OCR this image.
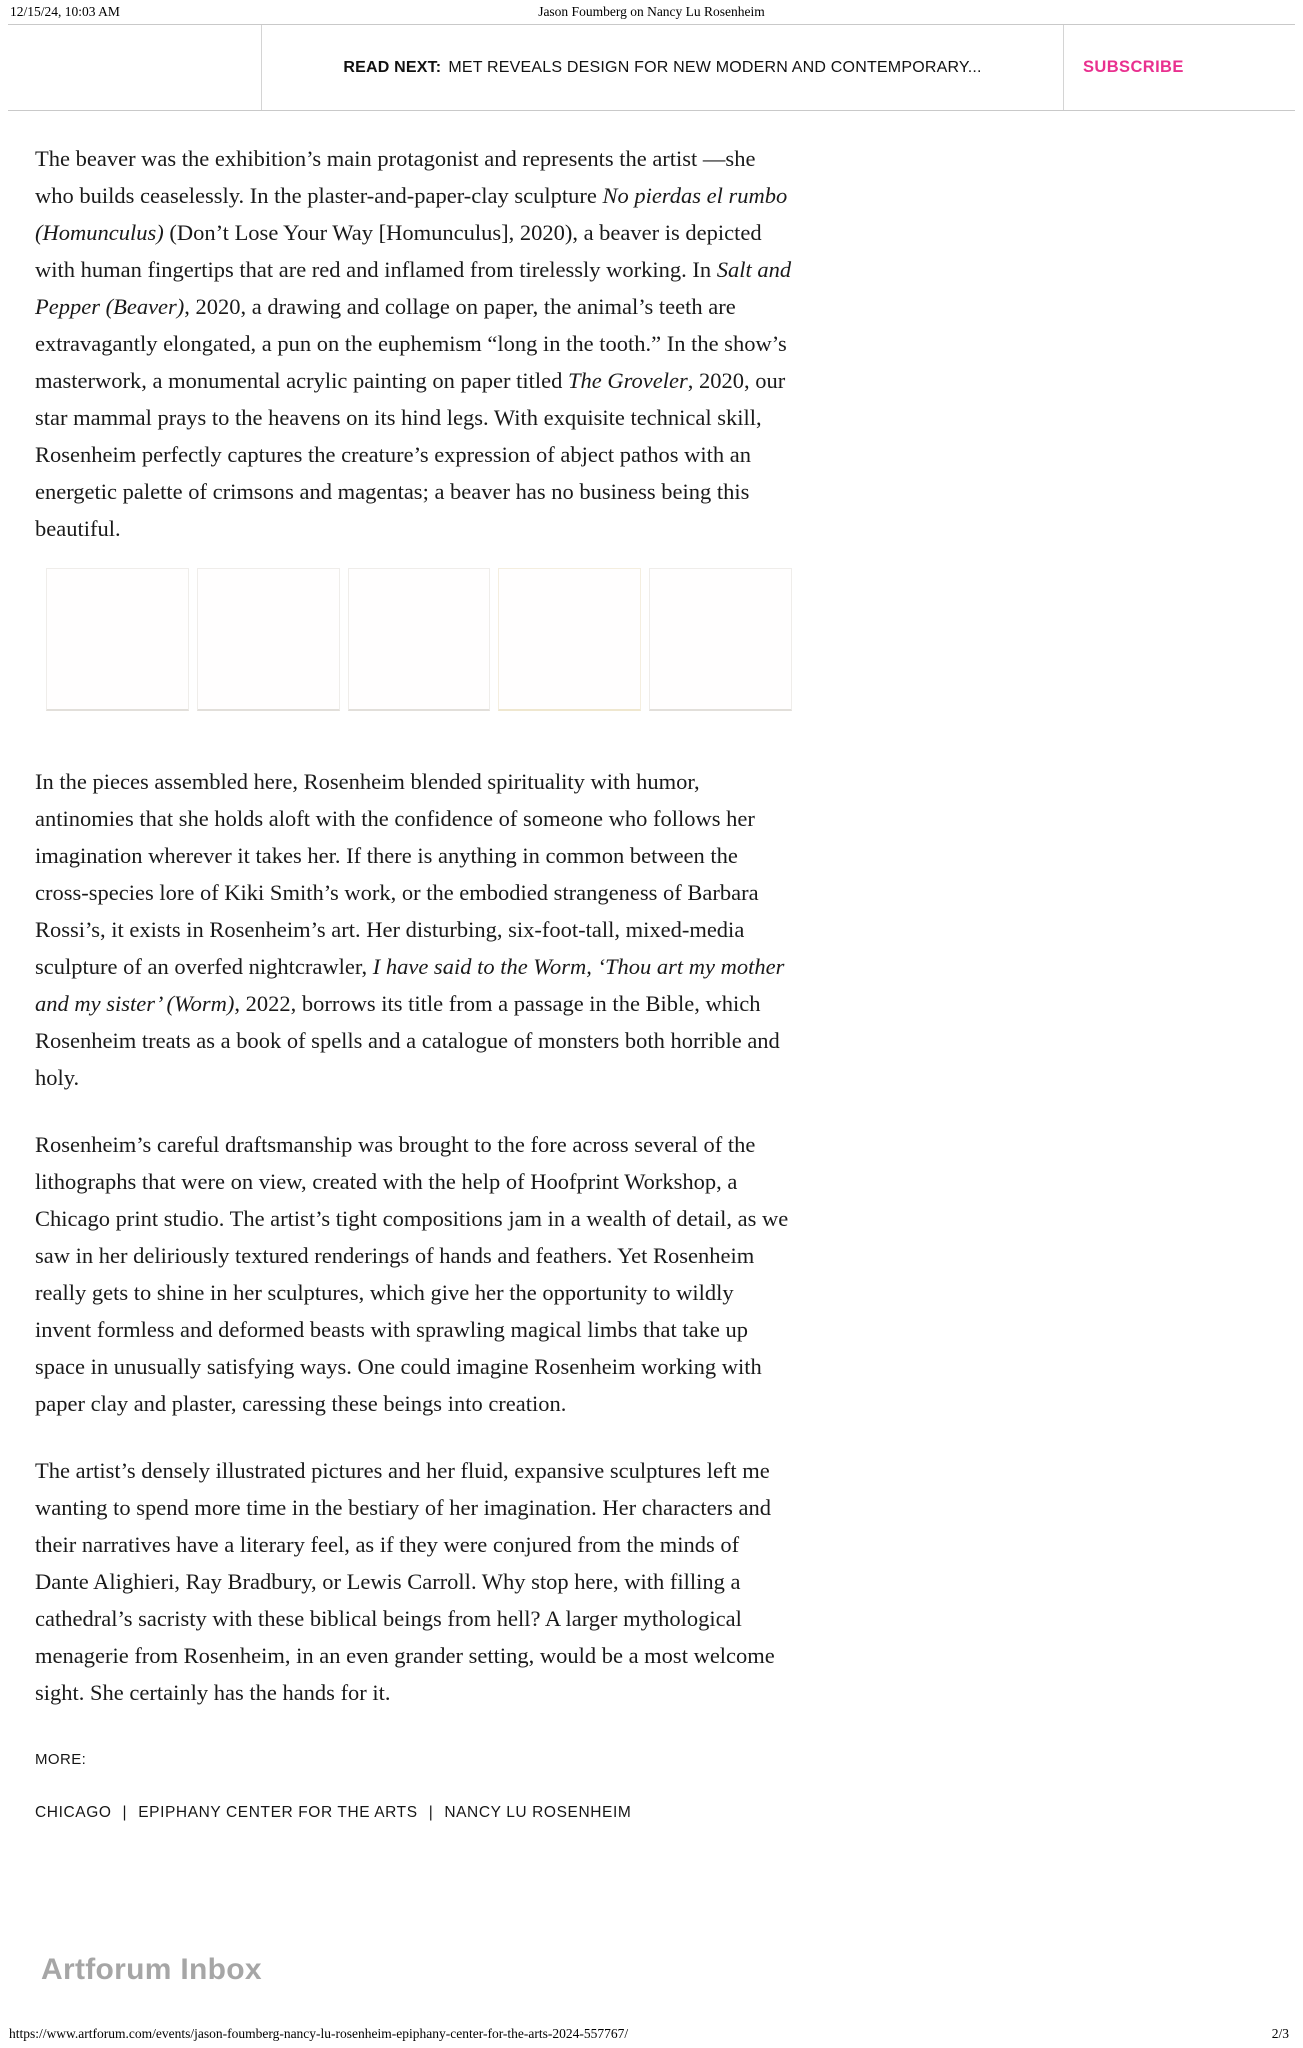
12/15/24, 10:03 AM	Jason Foumberg on Nancy Lu Rosenheim
READ NEXT: MET REVEALS DESIGN FOR NEW MODERN AND CONTEMPORARY...	SUBSCRIBE

The beaver was the exhibition’s main protagonist and represents the artist —she who builds ceaselessly. In the plaster-and-paper-clay sculpture No pierdas el rumbo (Homunculus) (Don’t Lose Your Way [Homunculus], 2020), a beaver is depicted with human fingertips that are red and inflamed from tirelessly working. In Salt and Pepper (Beaver), 2020, a drawing and collage on paper, the animal’s teeth are extravagantly elongated, a pun on the euphemism “long in the tooth.” In the show’s masterwork, a monumental acrylic painting on paper titled The Groveler, 2020, our star mammal prays to the heavens on its hind legs. With exquisite technical skill, Rosenheim perfectly captures the creature’s expression of abject pathos with an energetic palette of crimsons and magentas; a beaver has no business being this beautiful.

In the pieces assembled here, Rosenheim blended spirituality with humor, antinomies that she holds aloft with the confidence of someone who follows her imagination wherever it takes her. If there is anything in common between the cross-species lore of Kiki Smith’s work, or the embodied strangeness of Barbara Rossi’s, it exists in Rosenheim’s art. Her disturbing, six-foot-tall, mixed-media sculpture of an overfed nightcrawler, I have said to the Worm, ‘Thou art my mother and my sister’ (Worm), 2022, borrows its title from a passage in the Bible, which Rosenheim treats as a book of spells and a catalogue of monsters both horrible and holy.

Rosenheim’s careful draftsmanship was brought to the fore across several of the lithographs that were on view, created with the help of Hoofprint Workshop, a Chicago print studio. The artist’s tight compositions jam in a wealth of detail, as we saw in her deliriously textured renderings of hands and feathers. Yet Rosenheim really gets to shine in her sculptures, which give her the opportunity to wildly invent formless and deformed beasts with sprawling magical limbs that take up space in unusually satisfying ways. One could imagine Rosenheim working with paper clay and plaster, caressing these beings into creation.

The artist’s densely illustrated pictures and her fluid, expansive sculptures left me wanting to spend more time in the bestiary of her imagination. Her characters and their narratives have a literary feel, as if they were conjured from the minds of Dante Alighieri, Ray Bradbury, or Lewis Carroll. Why stop here, with filling a cathedral’s sacristy with these biblical beings from hell? A larger mythological menagerie from Rosenheim, in an even grander setting, would be a most welcome sight. She certainly has the hands for it.

MORE:
CHICAGO | EPIPHANY CENTER FOR THE ARTS | NANCY LU ROSENHEIM
Artforum Inbox
https://www.artforum.com/events/jason-foumberg-nancy-lu-rosenheim-epiphany-center-for-the-arts-2024-557767/	2/3
